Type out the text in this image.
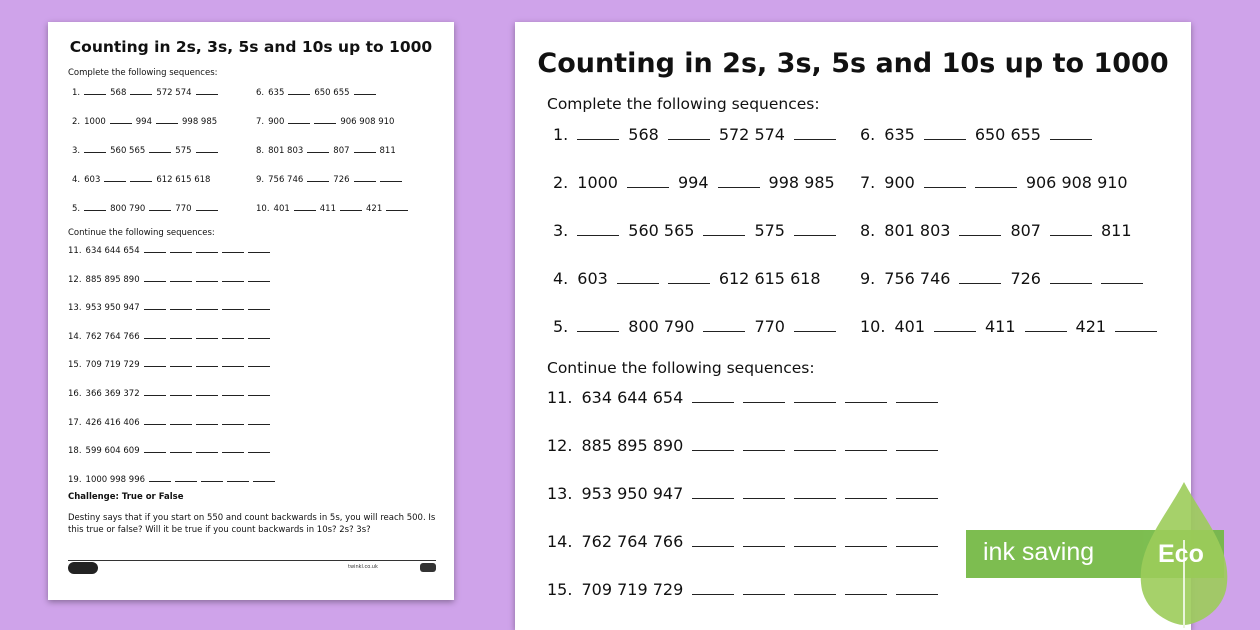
Counting in 2s, 3s, 5s and 10s up to 1000
Complete the following sequences:
1.	568	572 574	6. 635	650 655
2. 1000	994	998 985	7. 900	906 908 910
3.	560 565	575	8. 801 803	807	811
4. 603	612 615 618	9. 756 746	726
5.	800 790	770	10. 401	411	421
Continue the following sequences:
11. 634 644 654
12. 885 895 890
13. 953 950 947
14. 762 764 766
15. 709 719 729
16. 366 369 372
17. 426 416 406
18. 599 604 609
19. 1000 998 996
Challenge: True or False
Destiny says that if you start on 550 and count backwards in 5s, you will reach 500. Is this true or false? Will it be true if you count backwards in 10s? 2s? 3s?
twinkl.co.uk
Counting in 2s, 3s, 5s and 10s up to 1000
Complete the following sequences:
1.	568	572 574	6. 635	650 655
2. 1000	994	998 985 7. 900	906 908 910
3.	560 565	575	8. 801 803	807	811
4. 603	612 615 618 9. 756 746	726
5.	800 790	770	10. 401	411	421
Continue the following sequences:
11. 634 644 654
12. 885 895 890
13. 953 950 947
14. 762 764 766
15. 709 719 729
ink saving	Eco
